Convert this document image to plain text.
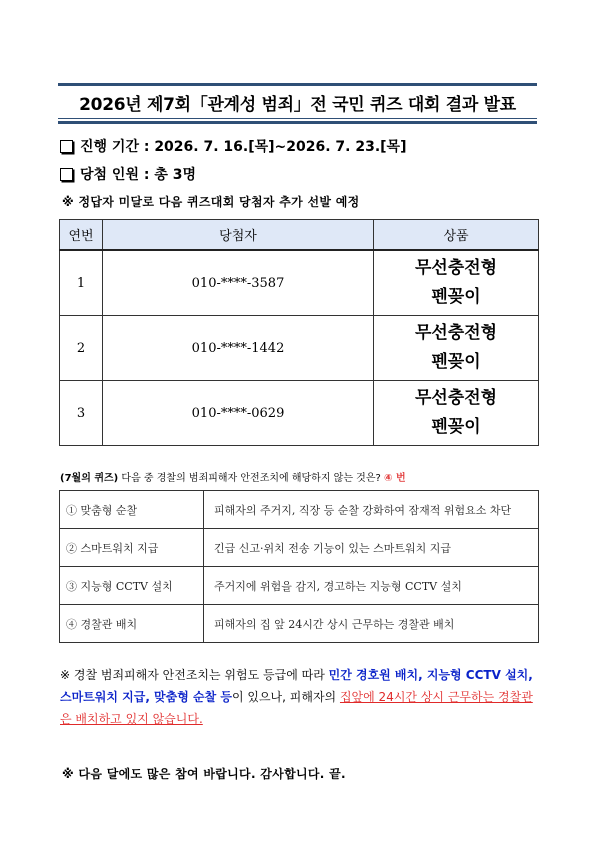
2026년 제7회「관계성 범죄」전 국민 퀴즈 대회 결과 발표
진행 기간 : 2026. 7. 16.[목]~2026. 7. 23.[목]
당첨 인원 : 총 3명
※ 정답자 미달로 다음 퀴즈대회 당첨자 추가 선발 예정
연번	당첨자	상품
1	010-****-3587	무선충전형
펜꽂이

2	010-****-1442	무선충전형
펜꽂이

3	010-****-0629	무선충전형
펜꽂이
(7월의 퀴즈) 다음 중 경찰의 범죄피해자 안전조치에 해당하지 않는 것은? ④ 번
① 맞춤형 순찰	피해자의 주거지, 직장 등 순찰 강화하여 잠재적 위험요소 차단
② 스마트워치 지급	긴급 신고·위치 전송 기능이 있는 스마트워치 지급
③ 지능형 CCTV 설치	주거지에 위험을 감지, 경고하는 지능형 CCTV 설치
④ 경찰관 배치	피해자의 집 앞 24시간 상시 근무하는 경찰관 배치
※ 경찰 범죄피해자 안전조치는 위험도 등급에 따라 민간 경호원 배치, 지능형 CCTV 설치, 스마트워치 지급, 맞춤형 순찰 등이 있으나, 피해자의 집앞에 24시간 상시 근무하는 경찰관은 배치하고 있지 않습니다.
※ 다음 달에도 많은 참여 바랍니다. 감사합니다. 끝.
